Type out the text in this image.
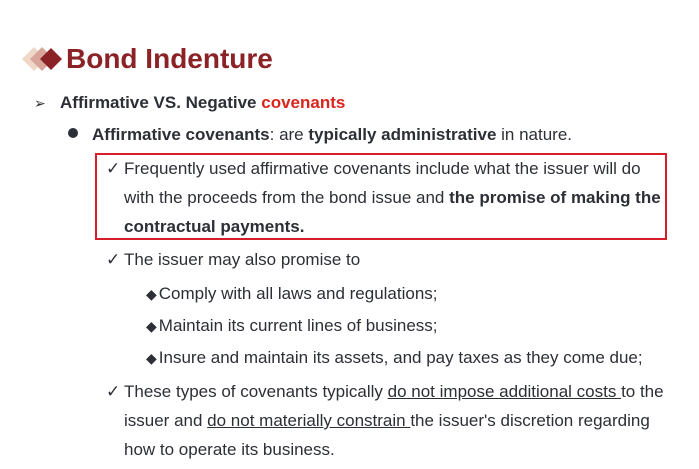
Bond Indenture
➢ Affirmative VS. Negative covenants
Affirmative covenants: are typically administrative in nature.
✓ Frequently used affirmative covenants include what the issuer will do with the proceeds from the bond issue and the promise of making the contractual payments.
✓ The issuer may also promise to
◆ Comply with all laws and regulations;
◆ Maintain its current lines of business;
◆ Insure and maintain its assets, and pay taxes as they come due;
✓ These types of covenants typically do not impose additional costs to the issuer and do not materially constrain the issuer's discretion regarding how to operate its business.
